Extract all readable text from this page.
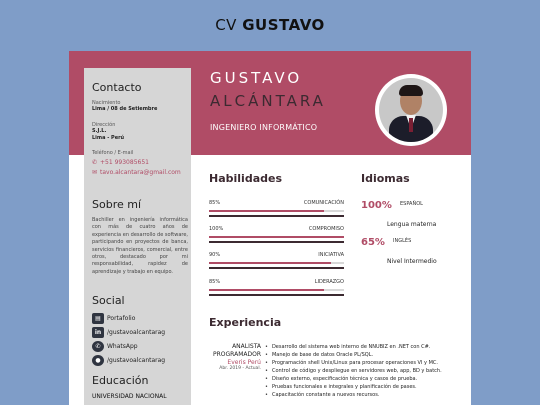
CV GUSTAVO
GUSTAVO
ALCÁNTARA
INGENIERO INFORMÁTICO
Contacto
Nacimiento
Lima / 08 de Setiembre
Dirección
S.J.L.
Lima - Perú
Teléfono / E-mail
✆ +51 993085651
✉ tavo.alcantara@gmail.com
Sobre mí
Bachiller en ingeniería informática con más de cuatro años de experiencia en desarrollo de software, participando en proyectos de banca, servicios financieros, comercial, entre otros, destacado por mi responsabilidad, rapidez de aprendizaje y trabajo en equipo.
Social
▤	Portafolio
in /gustavoalcantarag
✆	WhatsApp
●	/gustavoalcantarag
Educación
UNIVERSIDAD NACIONAL
Habilidades
85%	COMUNICACIÓN
100%	COMPROMISO
90%	INICIATIVA
85%	LIDERAZGO
Idiomas
100% ESPAÑOL
Lengua materna
65% INGLÉS
Nivel Intermedio
Experiencia
ANALISTA
PROGRAMADOR
Everis Perú
Abr. 2019 - Actual.
• Desarrollo del sistema web interno de NNUBIZ en .NET con C#.
• Manejo de base de datos Oracle PL/SQL.
• Programación shell Unix/Linux para procesar operaciones VI y MC.
• Control de código y despliegue en servidores web, app, BD y batch.
• Diseño externo, especificación técnica y casos de prueba.
• Pruebas funcionales e integrales y planificación de pases.
• Capacitación constante a nuevos recursos.
